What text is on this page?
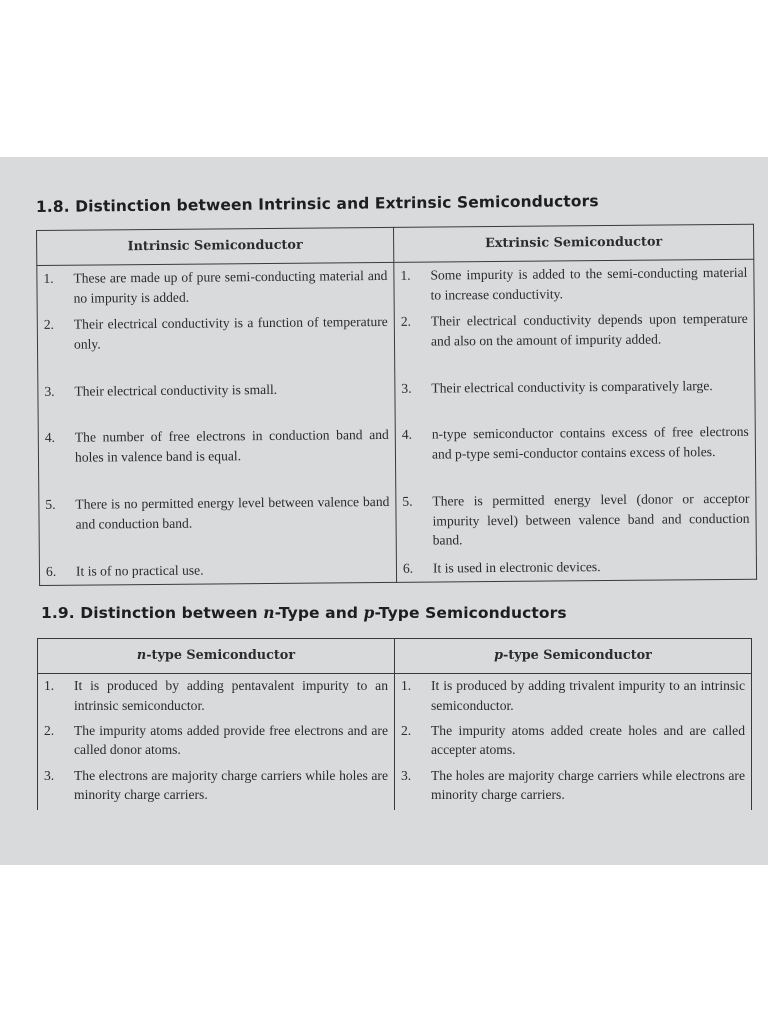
1.8. Distinction between Intrinsic and Extrinsic Semiconductors
Intrinsic Semiconductor	Extrinsic Semiconductor

1. These are made up of pure semi-conducting material and no impurity is added.	1. Some impurity is added to the semi-conducting material to increase conductivity.

2. Their electrical conductivity is a function of temperature only.	2. Their electrical conductivity depends upon temperature and also on the amount of impurity added.

3. Their electrical conductivity is small.	3. Their electrical conductivity is comparatively large.

4. The number of free electrons in conduction band and holes in valence band is equal.	4. n-type semiconductor contains excess of free electrons and p-type semi-conductor contains excess of holes.

5. There is no permitted energy level between valence band and conduction band.	5. There is permitted energy level (donor or acceptor impurity level) between valence band and conduction band.

6. It is of no practical use.	6. It is used in electronic devices.
1.9. Distinction between n-Type and p-Type Semiconductors
n-type Semiconductor	p-type Semiconductor

1. It is produced by adding pentavalent impurity to an intrinsic semiconductor.	1. It is produced by adding trivalent impurity to an intrinsic semiconductor.

2. The impurity atoms added provide free electrons and are called donor atoms.	2. The impurity atoms added create holes and are called accepter atoms.

3. The electrons are majority charge carriers while holes are minority charge carriers.	3. The holes are majority charge carriers while electrons are minority charge carriers.
